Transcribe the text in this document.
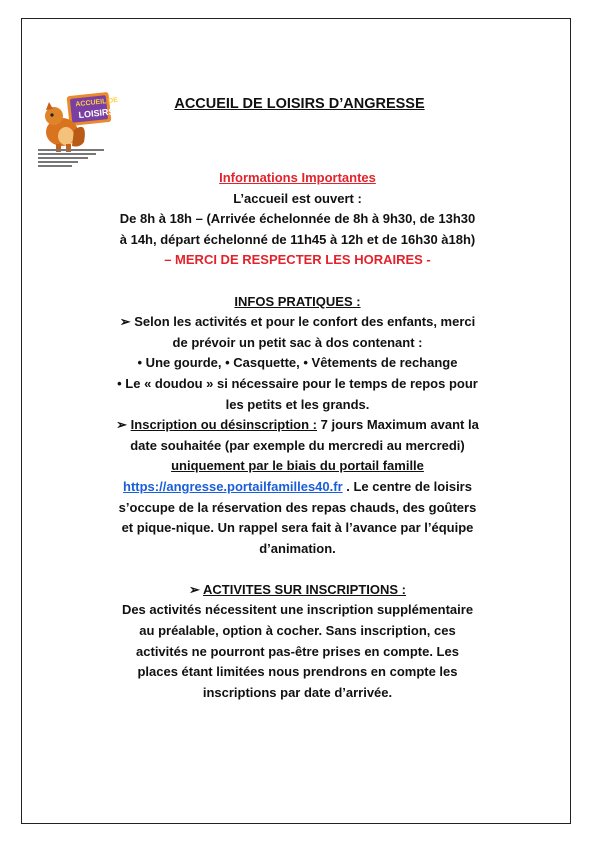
ACCUEIL DE
LOISIRS
ACCUEIL DE LOISIRS D’ANGRESSE

Informations Importantes

L’accueil est ouvert :

De 8h à 18h – (Arrivée échelonnée de 8h à 9h30, de 13h30

à 14h, départ échelonné de 11h45 à 12h et de 16h30 à18h)

– MERCI DE RESPECTER LES HORAIRES -

INFOS PRATIQUES :

➢ Selon les activités et pour le confort des enfants, merci

de prévoir un petit sac à dos contenant :

• Une gourde, • Casquette, • Vêtements de rechange

• Le « doudou » si nécessaire pour le temps de repos pour

les petits et les grands.

➢ Inscription ou désinscription : 7 jours Maximum avant la

date souhaitée (par exemple du mercredi au mercredi)

uniquement par le biais du portail famille

https://angresse.portailfamilles40.fr . Le centre de loisirs

s’occupe de la réservation des repas chauds, des goûters

et pique-nique. Un rappel sera fait à l’avance par l’équipe

d’animation.

➢ ACTIVITES SUR INSCRIPTIONS :

Des activités nécessitent une inscription supplémentaire

au préalable, option à cocher. Sans inscription, ces

activités ne pourront pas-être prises en compte. Les

places étant limitées nous prendrons en compte les

inscriptions par date d’arrivée.
